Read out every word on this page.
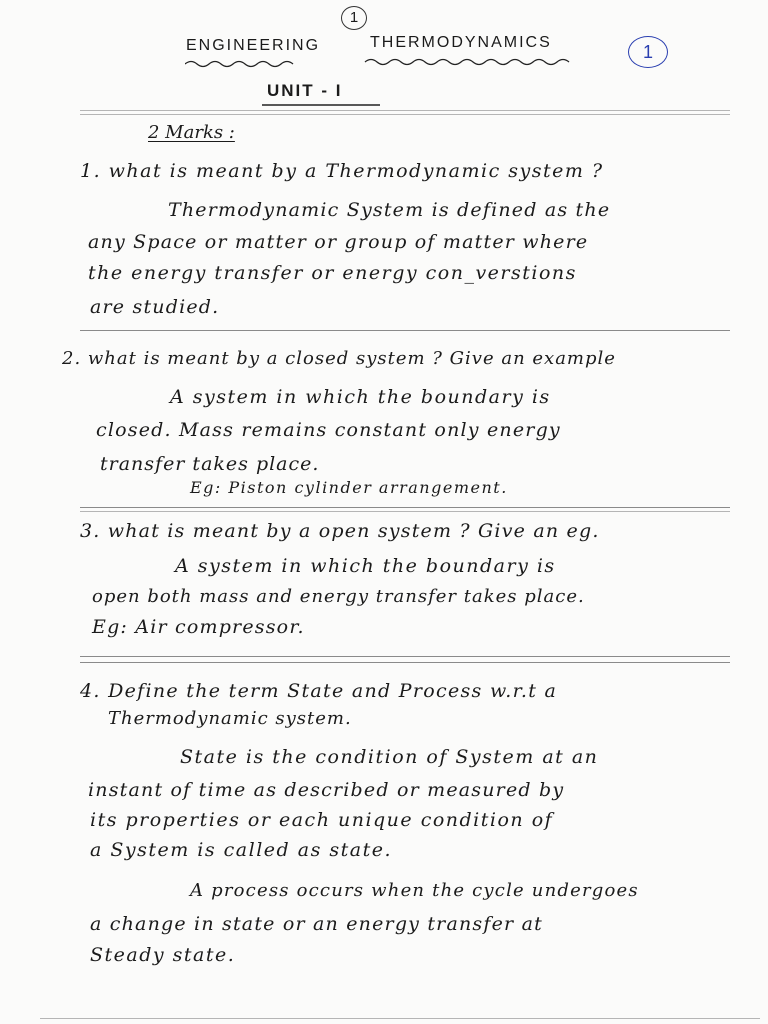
1
ENGINEERING	THERMODYNAMICS	1
UNIT - I
2 Marks :
1. what is meant by a Thermodynamic system ?
Thermodynamic System is defined as the
any Space or matter or group of matter where
the energy transfer or energy con_verstions
are studied.
2. what is meant by a closed system ? Give an example
A system in which the boundary is
closed. Mass remains constant only energy
transfer takes place.
Eg: Piston cylinder arrangement.
3. what is meant by a open system ? Give an eg.
A system in which the boundary is
open both mass and energy transfer takes place.
Eg: Air compressor.
4. Define the term State and Process w.r.t a
Thermodynamic system.
State is the condition of System at an
instant of time as described or measured by
its properties or each unique condition of
a System is called as state.
A process occurs when the cycle undergoes
a change in state or an energy transfer at
Steady state.
